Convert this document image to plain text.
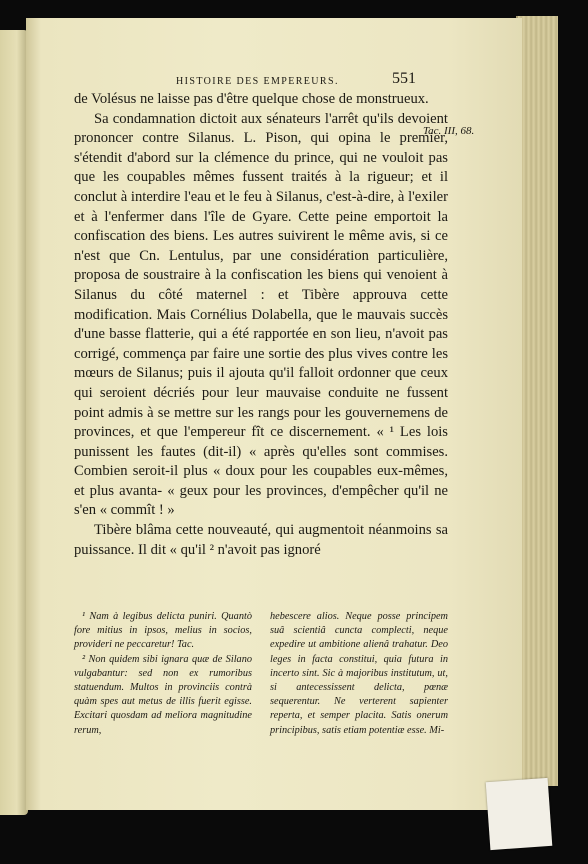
HISTOIRE DES EMPEREURS.	551

de Volésus ne laisse pas d'être quelque chose de monstrueux.

Sa condamnation dictoit aux sénateurs l'arrêt qu'ils devoient prononcer contre Silanus. L. Pison, qui opina le premier, s'étendit d'abord sur la clémence du prince, qui ne vouloit pas que les coupables mêmes fussent traités à la rigueur; et il conclut à interdire l'eau et le feu à Silanus, c'est-à-dire, à l'exiler et à l'enfermer dans l'île de Gyare. Cette peine emportoit la confiscation des biens. Les autres suivirent le même avis, si ce n'est que Cn. Lentulus, par une considération particulière, proposa de soustraire à la confiscation les biens qui venoient à Silanus du côté maternel : et Tibère approuva cette modification. Mais Cornélius Dolabella, que le mauvais succès d'une basse flatterie, qui a été rapportée en son lieu, n'avoit pas corrigé, commença par faire une sortie des plus vives contre les mœurs de Silanus; puis il ajouta qu'il falloit ordonner que ceux qui seroient décriés pour leur mauvaise conduite ne fussent point admis à se mettre sur les rangs pour les gouvernemens de provinces, et que l'empereur fît ce discernement. « ¹ Les lois punissent les fautes (dit-il) « après qu'elles sont commises. Combien seroit-il plus « doux pour les coupables eux-mêmes, et plus avanta- « geux pour les provinces, d'empêcher qu'il ne s'en « commît ! »

Tibère blâma cette nouveauté, qui augmentoit néanmoins sa puissance. Il dit « qu'il ² n'avoit pas ignoré

Tac. III, 68.

¹ Nam à legibus delicta puniri. Quantò fore mitius in ipsos, melius in socios, provideri ne peccaretur! Tac.

² Non quidem sibi ignara quæ de Silano vulgabantur: sed non ex rumoribus statuendum. Multos in provinciis contrà quàm spes aut metus de illis fuerit egisse. Excitari quosdam ad meliora magnitudine rerum,

hebescere alios. Neque posse principem suâ scientiâ cuncta complecti, neque expedire ut ambitione alienâ trahatur. Deo leges in facta constitui, quia futura in incerto sint. Sic à majoribus institutum, ut, si antecessissent delicta, pœnæ sequerentur. Ne verterent sapienter reperta, et semper placita. Satis onerum principibus, satis etiam potentiæ esse. Mi-
